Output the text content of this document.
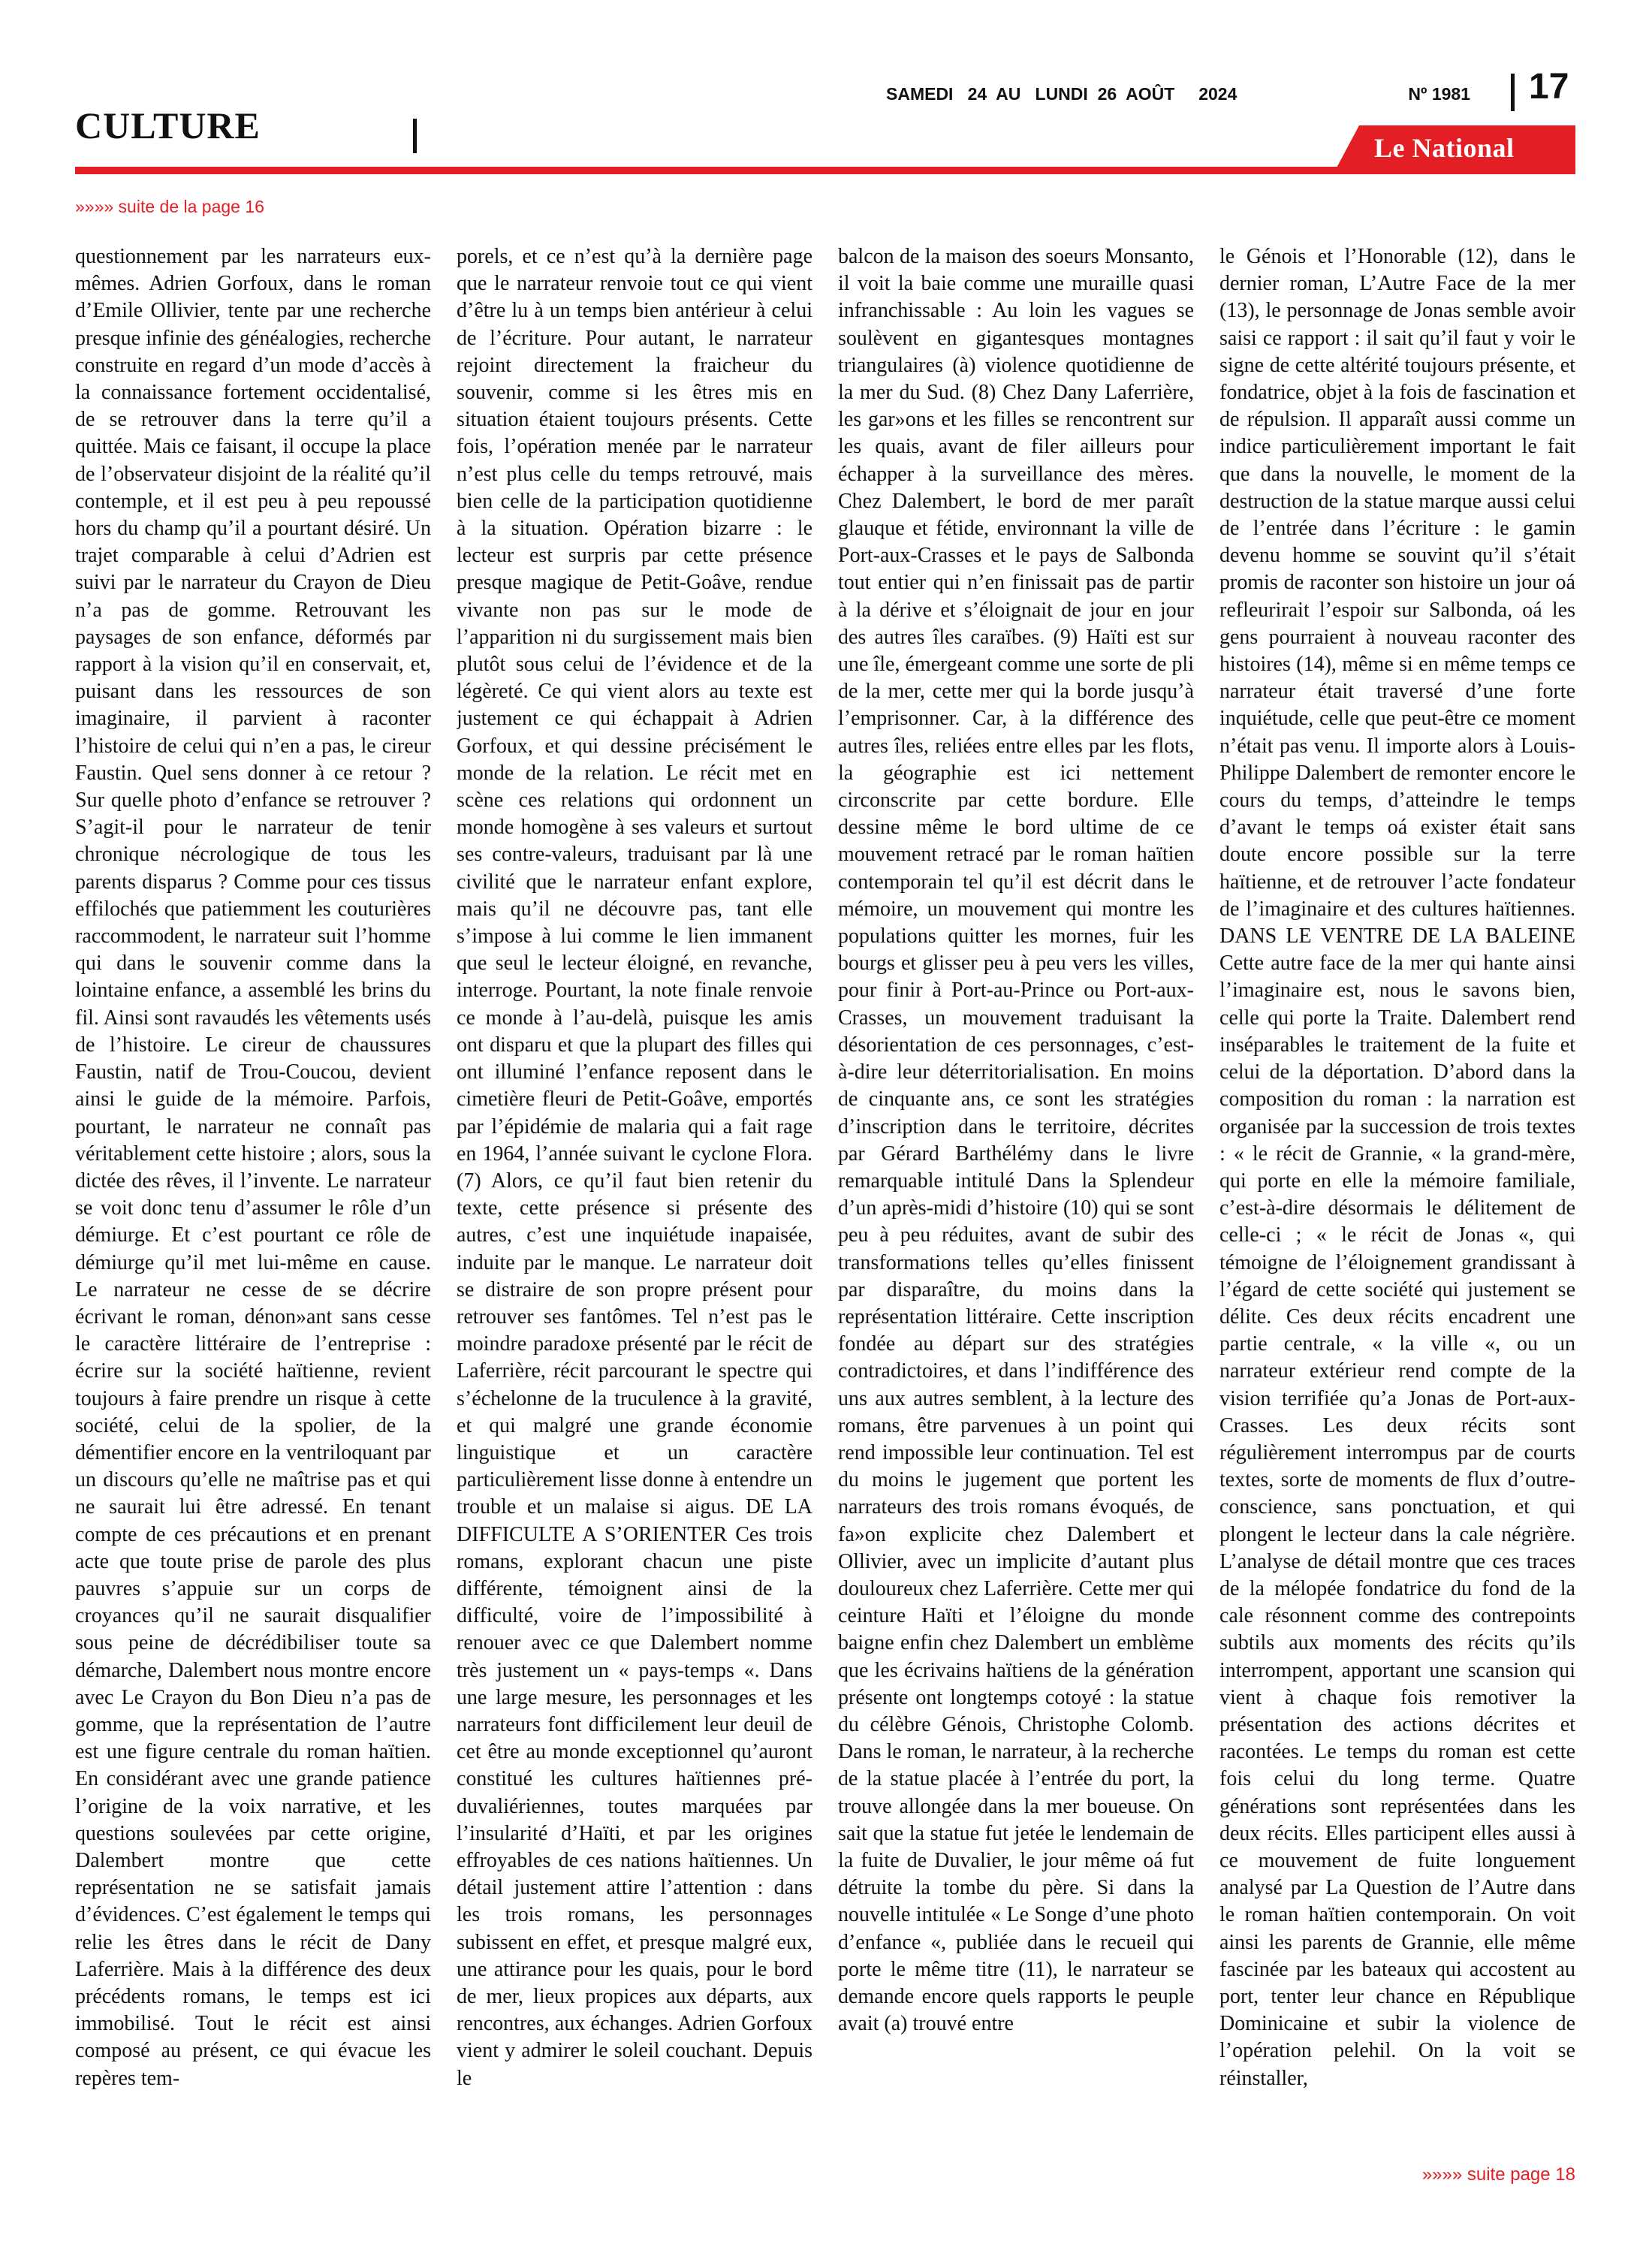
CULTURE
SAMEDI   24  AU   LUNDI  26  AOÛT     2024	Nº 1981 17
Le National
»»»» suite de la page 16
questionnement par les narrateurs eux-mêmes. Adrien Gorfoux, dans le roman d’Emile Ollivier, tente par une recherche presque infinie des généalogies, recherche construite en regard d’un mode d’accès à la connaissance fortement occidentalisé, de se retrouver dans la terre qu’il a quittée. Mais ce faisant, il occupe la place de l’observateur disjoint de la réalité qu’il contemple, et il est peu à peu repoussé hors du champ qu’il a pourtant désiré. Un trajet comparable à celui d’Adrien est suivi par le narrateur du Crayon de Dieu n’a pas de gomme. Retrouvant les paysages de son enfance, déformés par rapport à la vision qu’il en conservait, et, puisant dans les ressources de son imaginaire, il parvient à raconter l’histoire de celui qui n’en a pas, le cireur Faustin. Quel sens donner à ce retour ? Sur quelle photo d’enfance se retrouver ? S’agit-il pour le narrateur de tenir chronique nécrologique de tous les parents disparus ? Comme pour ces tissus effilochés que patiemment les couturières raccommodent, le narrateur suit l’homme qui dans le souvenir comme dans la lointaine enfance, a assemblé les brins du fil. Ainsi sont ravaudés les vêtements usés de l’histoire. Le cireur de chaussures Faustin, natif de Trou-Coucou, devient ainsi le guide de la mémoire. Parfois, pourtant, le narrateur ne connaît pas véritablement cette histoire ; alors, sous la dictée des rêves, il l’invente. Le narrateur se voit donc tenu d’assumer le rôle d’un démiurge. Et c’est pourtant ce rôle de démiurge qu’il met lui-même en cause. Le narrateur ne cesse de se décrire écrivant le roman, dénon»ant sans cesse le caractère littéraire de l’entreprise : écrire sur la société haïtienne, revient toujours à faire prendre un risque à cette société, celui de la spolier, de la démentifier encore en la ventriloquant par un discours qu’elle ne maîtrise pas et qui ne saurait lui être adressé. En tenant compte de ces précautions et en prenant acte que toute prise de parole des plus pauvres s’appuie sur un corps de croyances qu’il ne saurait disqualifier sous peine de décrédibiliser toute sa démarche, Dalembert nous montre encore avec Le Crayon du Bon Dieu n’a pas de gomme, que la représentation de l’autre est une figure centrale du roman haïtien. En considérant avec une grande patience l’origine de la voix narrative, et les questions soulevées par cette origine, Dalembert montre que cette représentation ne se satisfait jamais d’évidences. C’est également le temps qui relie les êtres dans le récit de Dany Laferrière. Mais à la différence des deux précédents romans, le temps est ici immobilisé. Tout le récit est ainsi composé au présent, ce qui évacue les repères tem-
porels, et ce n’est qu’à la dernière page que le narrateur renvoie tout ce qui vient d’être lu à un temps bien antérieur à celui de l’écriture. Pour autant, le narrateur rejoint directement la fraicheur du souvenir, comme si les êtres mis en situation étaient toujours présents. Cette fois, l’opération menée par le narrateur n’est plus celle du temps retrouvé, mais bien celle de la participation quotidienne à la situation. Opération bizarre : le lecteur est surpris par cette présence presque magique de Petit-Goâve, rendue vivante non pas sur le mode de l’apparition ni du surgissement mais bien plutôt sous celui de l’évidence et de la légèreté. Ce qui vient alors au texte est justement ce qui échappait à Adrien Gorfoux, et qui dessine précisément le monde de la relation. Le récit met en scène ces relations qui ordonnent un monde homogène à ses valeurs et surtout ses contre-valeurs, traduisant par là une civilité que le narrateur enfant explore, mais qu’il ne découvre pas, tant elle s’impose à lui comme le lien immanent que seul le lecteur éloigné, en revanche, interroge. Pourtant, la note finale renvoie ce monde à l’au-delà, puisque les amis ont disparu et que la plupart des filles qui ont illuminé l’enfance reposent dans le cimetière fleuri de Petit-Goâve, emportés par l’épidémie de malaria qui a fait rage en 1964, l’année suivant le cyclone Flora. (7) Alors, ce qu’il faut bien retenir du texte, cette présence si présente des autres, c’est une inquiétude inapaisée, induite par le manque. Le narrateur doit se distraire de son propre présent pour retrouver ses fantômes. Tel n’est pas le moindre paradoxe présenté par le récit de Laferrière, récit parcourant le spectre qui s’échelonne de la truculence à la gravité, et qui malgré une grande économie linguistique et un caractère particulièrement lisse donne à entendre un trouble et un malaise si aigus. DE LA DIFFICULTE A S’ORIENTER Ces trois romans, explorant chacun une piste différente, témoignent ainsi de la difficulté, voire de l’impossibilité à renouer avec ce que Dalembert nomme très justement un « pays-temps «. Dans une large mesure, les personnages et les narrateurs font difficilement leur deuil de cet être au monde exceptionnel qu’auront constitué les cultures haïtiennes pré-duvaliériennes, toutes marquées par l’insularité d’Haïti, et par les origines effroyables de ces nations haïtiennes. Un détail justement attire l’attention : dans les trois romans, les personnages subissent en effet, et presque malgré eux, une attirance pour les quais, pour le bord de mer, lieux propices aux départs, aux rencontres, aux échanges. Adrien Gorfoux vient y admirer le soleil couchant. Depuis le
balcon de la maison des soeurs Monsanto, il voit la baie comme une muraille quasi infranchissable : Au loin les vagues se soulèvent en gigantesques montagnes triangulaires (à) violence quotidienne de la mer du Sud. (8) Chez Dany Laferrière, les gar»ons et les filles se rencontrent sur les quais, avant de filer ailleurs pour échapper à la surveillance des mères. Chez Dalembert, le bord de mer paraît glauque et fétide, environnant la ville de Port-aux-Crasses et le pays de Salbonda tout entier qui n’en finissait pas de partir à la dérive et s’éloignait de jour en jour des autres îles caraïbes. (9) Haïti est sur une île, émergeant comme une sorte de pli de la mer, cette mer qui la borde jusqu’à l’emprisonner. Car, à la différence des autres îles, reliées entre elles par les flots, la géographie est ici nettement circonscrite par cette bordure. Elle dessine même le bord ultime de ce mouvement retracé par le roman haïtien contemporain tel qu’il est décrit dans le mémoire, un mouvement qui montre les populations quitter les mornes, fuir les bourgs et glisser peu à peu vers les villes, pour finir à Port-au-Prince ou Port-aux-Crasses, un mouvement traduisant la désorientation de ces personnages, c’est-à-dire leur déterritorialisation. En moins de cinquante ans, ce sont les stratégies d’inscription dans le territoire, décrites par Gérard Barthélémy dans le livre remarquable intitulé Dans la Splendeur d’un après-midi d’histoire (10) qui se sont peu à peu réduites, avant de subir des transformations telles qu’elles finissent par disparaître, du moins dans la représentation littéraire. Cette inscription fondée au départ sur des stratégies contradictoires, et dans l’indifférence des uns aux autres semblent, à la lecture des romans, être parvenues à un point qui rend impossible leur continuation. Tel est du moins le jugement que portent les narrateurs des trois romans évoqués, de fa»on explicite chez Dalembert et Ollivier, avec un implicite d’autant plus douloureux chez Laferrière. Cette mer qui ceinture Haïti et l’éloigne du monde baigne enfin chez Dalembert un emblème que les écrivains haïtiens de la génération présente ont longtemps cotoyé : la statue du célèbre Génois, Christophe Colomb. Dans le roman, le narrateur, à la recherche de la statue placée à l’entrée du port, la trouve allongée dans la mer boueuse. On sait que la statue fut jetée le lendemain de la fuite de Duvalier, le jour même oá fut détruite la tombe du père. Si dans la nouvelle intitulée « Le Songe d’une photo d’enfance «, publiée dans le recueil qui porte le même titre (11), le narrateur se demande encore quels rapports le peuple avait (a) trouvé entre
le Génois et l’Honorable (12), dans le dernier roman, L’Autre Face de la mer (13), le personnage de Jonas semble avoir saisi ce rapport : il sait qu’il faut y voir le signe de cette altérité toujours présente, et fondatrice, objet à la fois de fascination et de répulsion. Il apparaît aussi comme un indice particulièrement important le fait que dans la nouvelle, le moment de la destruction de la statue marque aussi celui de l’entrée dans l’écriture : le gamin devenu homme se souvint qu’il s’était promis de raconter son histoire un jour oá refleurirait l’espoir sur Salbonda, oá les gens pourraient à nouveau raconter des histoires (14), même si en même temps ce narrateur était traversé d’une forte inquiétude, celle que peut-être ce moment n’était pas venu. Il importe alors à Louis-Philippe Dalembert de remonter encore le cours du temps, d’atteindre le temps d’avant le temps oá exister était sans doute encore possible sur la terre haïtienne, et de retrouver l’acte fondateur de l’imaginaire et des cultures haïtiennes. DANS LE VENTRE DE LA BALEINE Cette autre face de la mer qui hante ainsi l’imaginaire est, nous le savons bien, celle qui porte la Traite. Dalembert rend inséparables le traitement de la fuite et celui de la déportation. D’abord dans la composition du roman : la narration est organisée par la succession de trois textes : « le récit de Grannie, « la grand-mère, qui porte en elle la mémoire familiale, c’est-à-dire désormais le délitement de celle-ci ; « le récit de Jonas «, qui témoigne de l’éloignement grandissant à l’égard de cette société qui justement se délite. Ces deux récits encadrent une partie centrale, « la ville «, ou un narrateur extérieur rend compte de la vision terrifiée qu’a Jonas de Port-aux-Crasses. Les deux récits sont régulièrement interrompus par de courts textes, sorte de moments de flux d’outre-conscience, sans ponctuation, et qui plongent le lecteur dans la cale négrière. L’analyse de détail montre que ces traces de la mélopée fondatrice du fond de la cale résonnent comme des contrepoints subtils aux moments des récits qu’ils interrompent, apportant une scansion qui vient à chaque fois remotiver la présentation des actions décrites et racontées. Le temps du roman est cette fois celui du long terme. Quatre générations sont représentées dans les deux récits. Elles participent elles aussi à ce mouvement de fuite longuement analysé par La Question de l’Autre dans le roman haïtien contemporain. On voit ainsi les parents de Grannie, elle même fascinée par les bateaux qui accostent au port, tenter leur chance en République Dominicaine et subir la violence de l’opération pelehil. On la voit se réinstaller,
»»»» suite page 18
